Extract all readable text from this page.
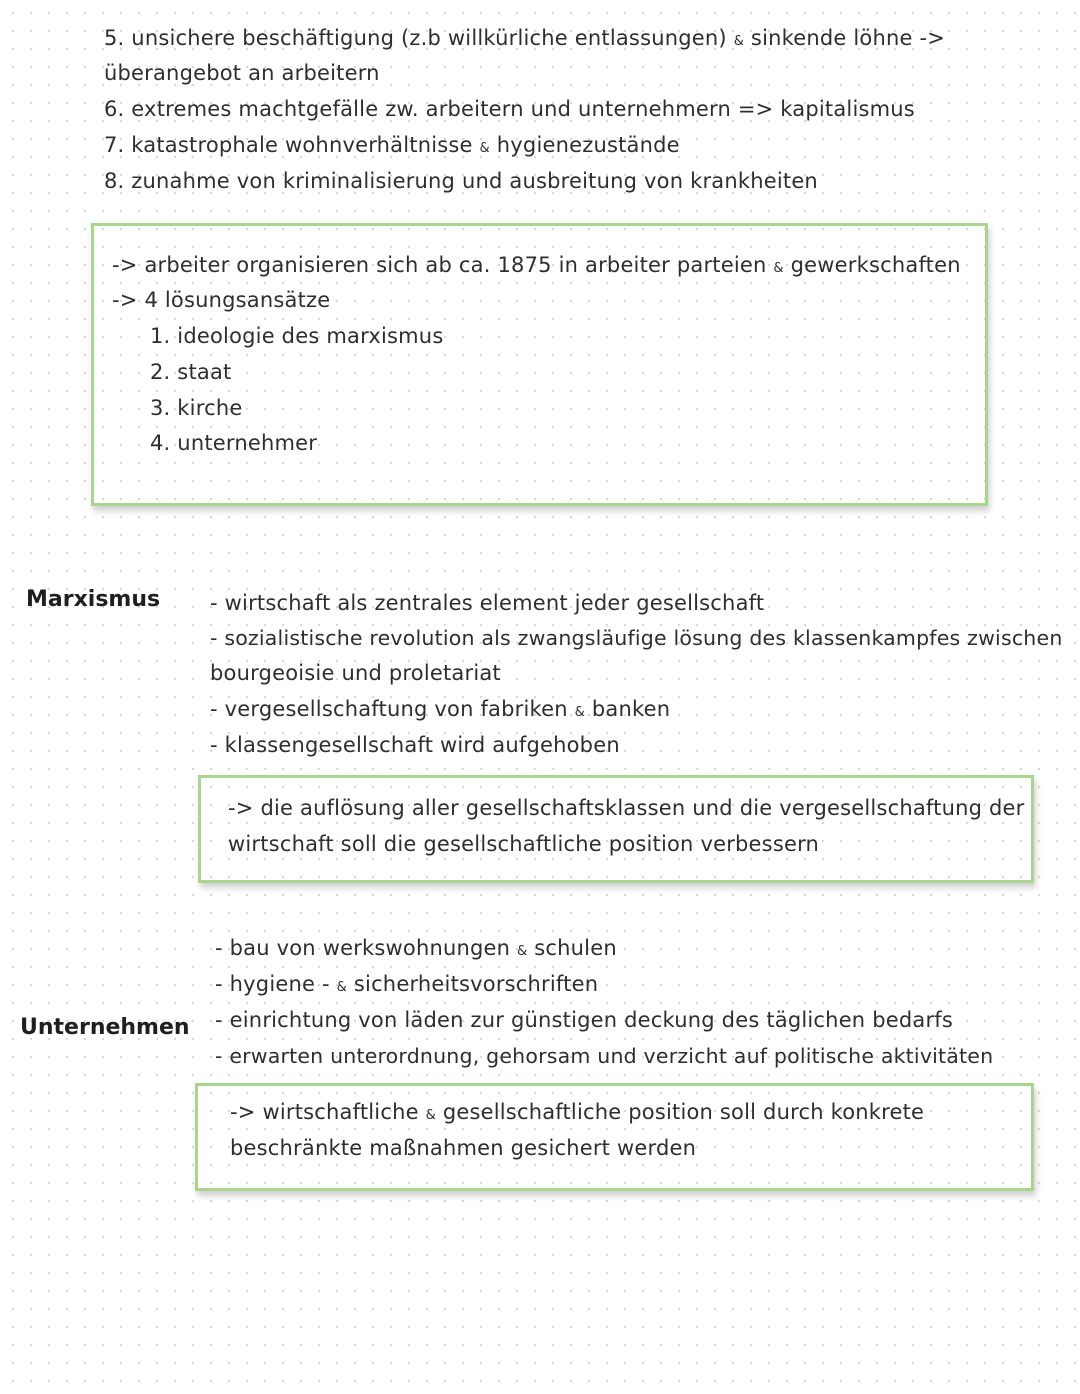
5. unsichere beschäftigung (z.b willkürliche entlassungen) & sinkende löhne ->
überangebot an arbeitern
6. extremes machtgefälle zw. arbeitern und unternehmern => kapitalismus
7. katastrophale wohnverhältnisse & hygienezustände
8. zunahme von kriminalisierung und ausbreitung von krankheiten
-> arbeiter organisieren sich ab ca. 1875 in arbeiter parteien & gewerkschaften
-> 4 lösungsansätze
1. ideologie des marxismus
2. staat
3. kirche
4. unternehmer
Marxismus - wirtschaft als zentrales element jeder gesellschaft
- sozialistische revolution als zwangsläufige lösung des klassenkampfes zwischen
bourgeoisie und proletariat
- vergesellschaftung von fabriken & banken
- klassengesellschaft wird aufgehoben
-> die auflösung aller gesellschaftsklassen und die vergesellschaftung der
wirtschaft soll die gesellschaftliche position verbessern
Unternehmen
- bau von werkswohnungen & schulen
- hygiene - & sicherheitsvorschriften
- einrichtung von läden zur günstigen deckung des täglichen bedarfs
- erwarten unterordnung, gehorsam und verzicht auf politische aktivitäten
-> wirtschaftliche & gesellschaftliche position soll durch konkrete
beschränkte maßnahmen gesichert werden
